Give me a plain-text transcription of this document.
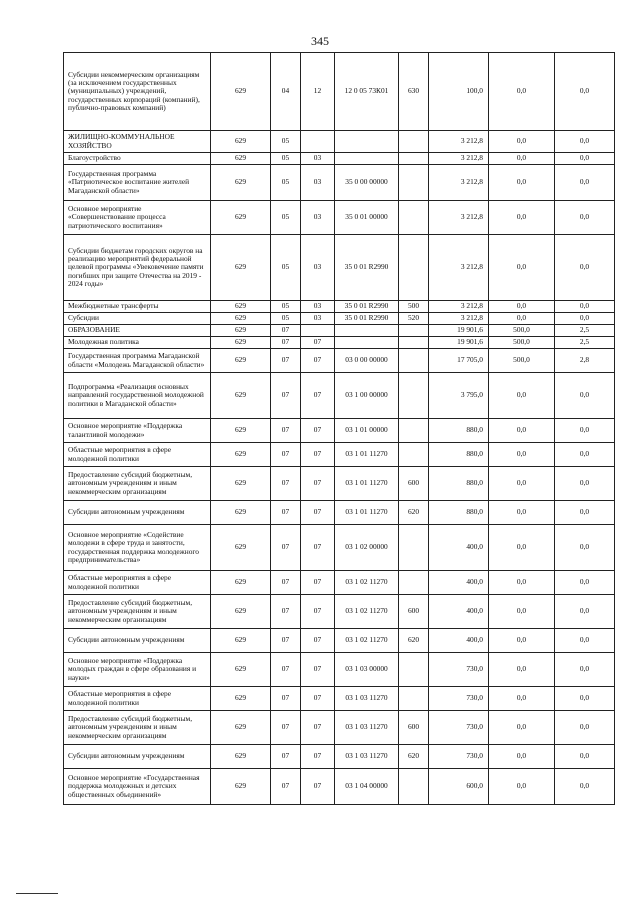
345
Субсидии некоммерческим организациям (за исключением государственных (муниципальных) учреждений, государственных корпораций (компаний), публично-правовых компаний)	629	04	12	12 0 05 73К01	630	100,0	0,0	0,0
ЖИЛИЩНО-КОММУНАЛЬНОЕ ХОЗЯЙСТВО	629	05				3 212,8	0,0	0,0
Благоустройство	629	05	03			3 212,8	0,0	0,0
Государственная программа «Патриотическое воспитание жителей Магаданской области»	629	05	03	35 0 00 00000		3 212,8	0,0	0,0
Основное мероприятие «Совершенствование процесса патриотического воспитания»	629	05	03	35 0 01 00000		3 212,8	0,0	0,0
Субсидии бюджетам городских округов на реализацию мероприятий федеральной целевой программы «Увековечение памяти погибших при защите Отечества на 2019 - 2024 годы»	629	05	03	35 0 01 R2990		3 212,8	0,0	0,0
Межбюджетные трансферты	629	05	03	35 0 01 R2990	500	3 212,8	0,0	0,0
Субсидии	629	05	03	35 0 01 R2990	520	3 212,8	0,0	0,0
ОБРАЗОВАНИЕ	629	07				19 901,6	500,0	2,5
Молодежная политика	629	07	07			19 901,6	500,0	2,5
Государственная программа Магаданской области «Молодежь Магаданской области»	629	07	07	03 0 00 00000		17 705,0	500,0	2,8
Подпрограмма «Реализация основных направлений государственной молодежной политики в Магаданской области»	629	07	07	03 1 00 00000		3 795,0	0,0	0,0
Основное мероприятие «Поддержка талантливой молодежи»	629	07	07	03 1 01 00000		880,0	0,0	0,0
Областные мероприятия в сфере молодежной политики	629	07	07	03 1 01 11270		880,0	0,0	0,0
Предоставление субсидий бюджетным, автономным учреждениям и иным некоммерческим организациям	629	07	07	03 1 01 11270	600	880,0	0,0	0,0
Субсидии автономным учреждениям	629	07	07	03 1 01 11270	620	880,0	0,0	0,0
Основное мероприятие «Содействие молодежи в сфере труда и занятости, государственная поддержка молодежного предпринимательства»	629	07	07	03 1 02 00000		400,0	0,0	0,0
Областные мероприятия в сфере молодежной политики	629	07	07	03 1 02 11270		400,0	0,0	0,0
Предоставление субсидий бюджетным, автономным учреждениям и иным некоммерческим организациям	629	07	07	03 1 02 11270	600	400,0	0,0	0,0
Субсидии автономным учреждениям	629	07	07	03 1 02 11270	620	400,0	0,0	0,0
Основное мероприятие «Поддержка молодых граждан в сфере образования и науки»	629	07	07	03 1 03 00000		730,0	0,0	0,0
Областные мероприятия в сфере молодежной политики	629	07	07	03 1 03 11270		730,0	0,0	0,0
Предоставление субсидий бюджетным, автономным учреждениям и иным некоммерческим организациям	629	07	07	03 1 03 11270	600	730,0	0,0	0,0
Субсидии автономным учреждениям	629	07	07	03 1 03 11270	620	730,0	0,0	0,0
Основное мероприятие «Государственная поддержка молодежных и детских общественных объединений»	629	07	07	03 1 04 00000		600,0	0,0	0,0
